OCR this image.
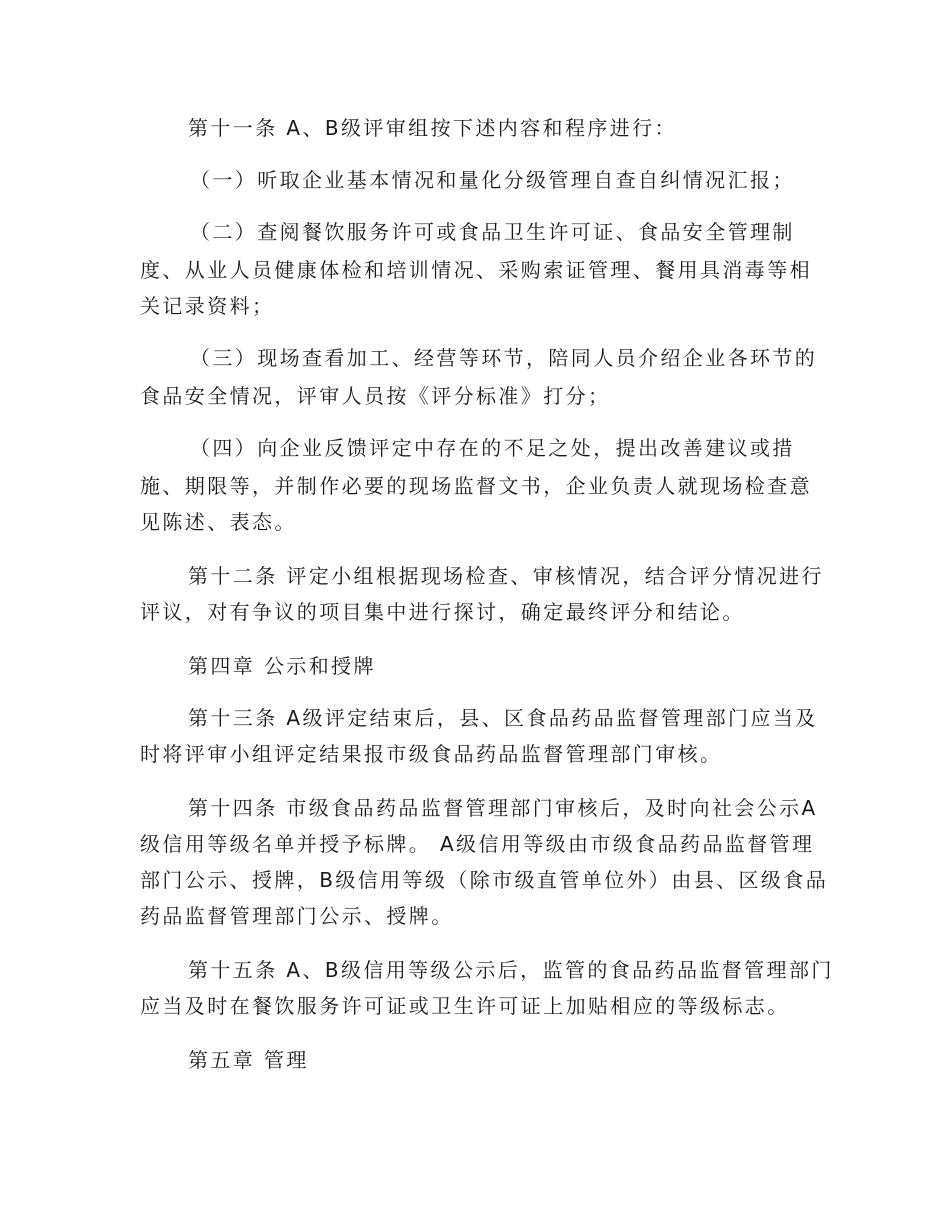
第十一条 A、B级评审组按下述内容和程序进行：
（一）听取企业基本情况和量化分级管理自查自纠情况汇报；
（二）查阅餐饮服务许可或食品卫生许可证、食品安全管理制
度、从业人员健康体检和培训情况、采购索证管理、餐用具消毒等相
关记录资料；
（三）现场查看加工、经营等环节，陪同人员介绍企业各环节的
食品安全情况，评审人员按《评分标准》打分；
（四）向企业反馈评定中存在的不足之处，提出改善建议或措
施、期限等，并制作必要的现场监督文书，企业负责人就现场检查意
见陈述、表态。
第十二条 评定小组根据现场检查、审核情况，结合评分情况进行
评议，对有争议的项目集中进行探讨，确定最终评分和结论。
第四章 公示和授牌
第十三条 A级评定结束后，县、区食品药品监督管理部门应当及
时将评审小组评定结果报市级食品药品监督管理部门审核。
第十四条 市级食品药品监督管理部门审核后，及时向社会公示A
级信用等级名单并授予标牌。 A级信用等级由市级食品药品监督管理
部门公示、授牌，B级信用等级（除市级直管单位外）由县、区级食品
药品监督管理部门公示、授牌。
第十五条 A、B级信用等级公示后，监管的食品药品监督管理部门
应当及时在餐饮服务许可证或卫生许可证上加贴相应的等级标志。
第五章 管理
